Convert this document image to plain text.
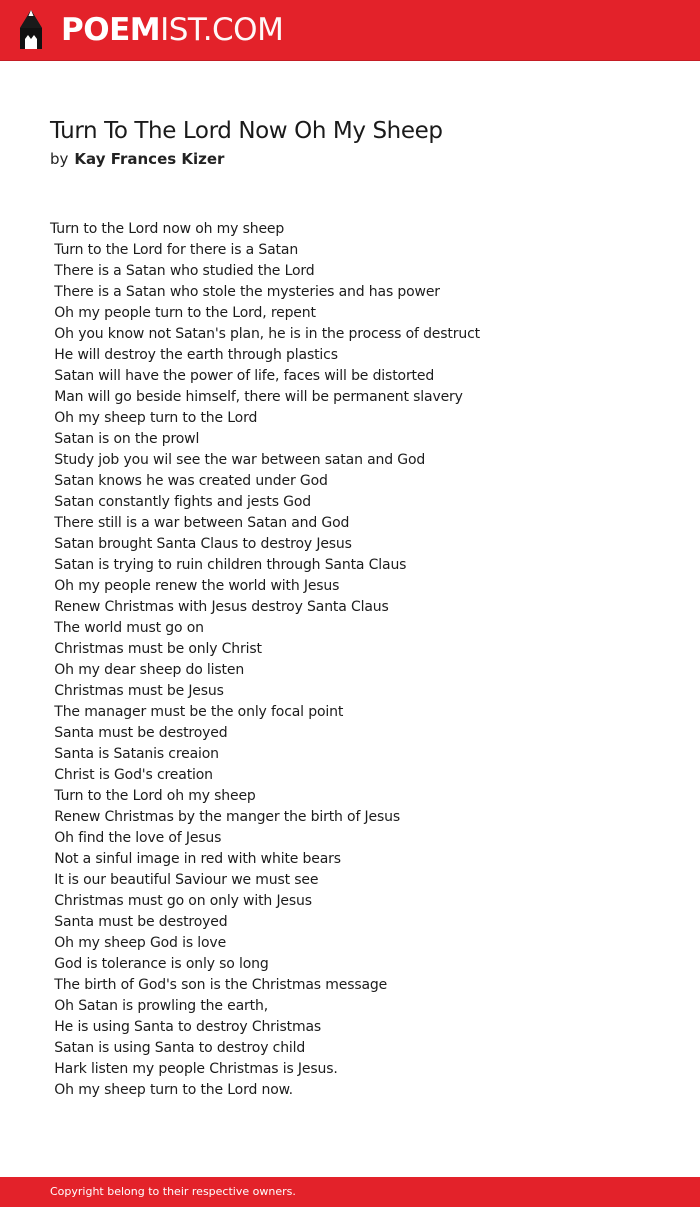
POEMIST.COM
Turn To The Lord Now Oh My Sheep
by Kay Frances Kizer
Turn to the Lord now oh my sheep
Turn to the Lord for there is a Satan
There is a Satan who studied the Lord
There is a Satan who stole the mysteries and has power
Oh my people turn to the Lord, repent
Oh you know not Satan's plan, he is in the process of destruct
He will destroy the earth through plastics
Satan will have the power of life, faces will be distorted
Man will go beside himself, there will be permanent slavery
Oh my sheep turn to the Lord
Satan is on the prowl
Study job you wil see the war between satan and God
Satan knows he was created under God
Satan constantly fights and jests God
There still is a war between Satan and God
Satan brought Santa Claus to destroy Jesus
Satan is trying to ruin children through Santa Claus
Oh my people renew the world with Jesus
Renew Christmas with Jesus destroy Santa Claus
The world must go on
Christmas must be only Christ
Oh my dear sheep do listen
Christmas must be Jesus
The manager must be the only focal point
Santa must be destroyed
Santa is Satanis creaion
Christ is God's creation
Turn to the Lord oh my sheep
Renew Christmas by the manger the birth of Jesus
Oh find the love of Jesus
Not a sinful image in red with white bears
It is our beautiful Saviour we must see
Christmas must go on only with Jesus
Santa must be destroyed
Oh my sheep God is love
God is tolerance is only so long
The birth of God's son is the Christmas message
Oh Satan is prowling the earth,
He is using Santa to destroy Christmas
Satan is using Santa to destroy child
Hark listen my people Christmas is Jesus.
Oh my sheep turn to the Lord now.
Copyright belong to their respective owners.
